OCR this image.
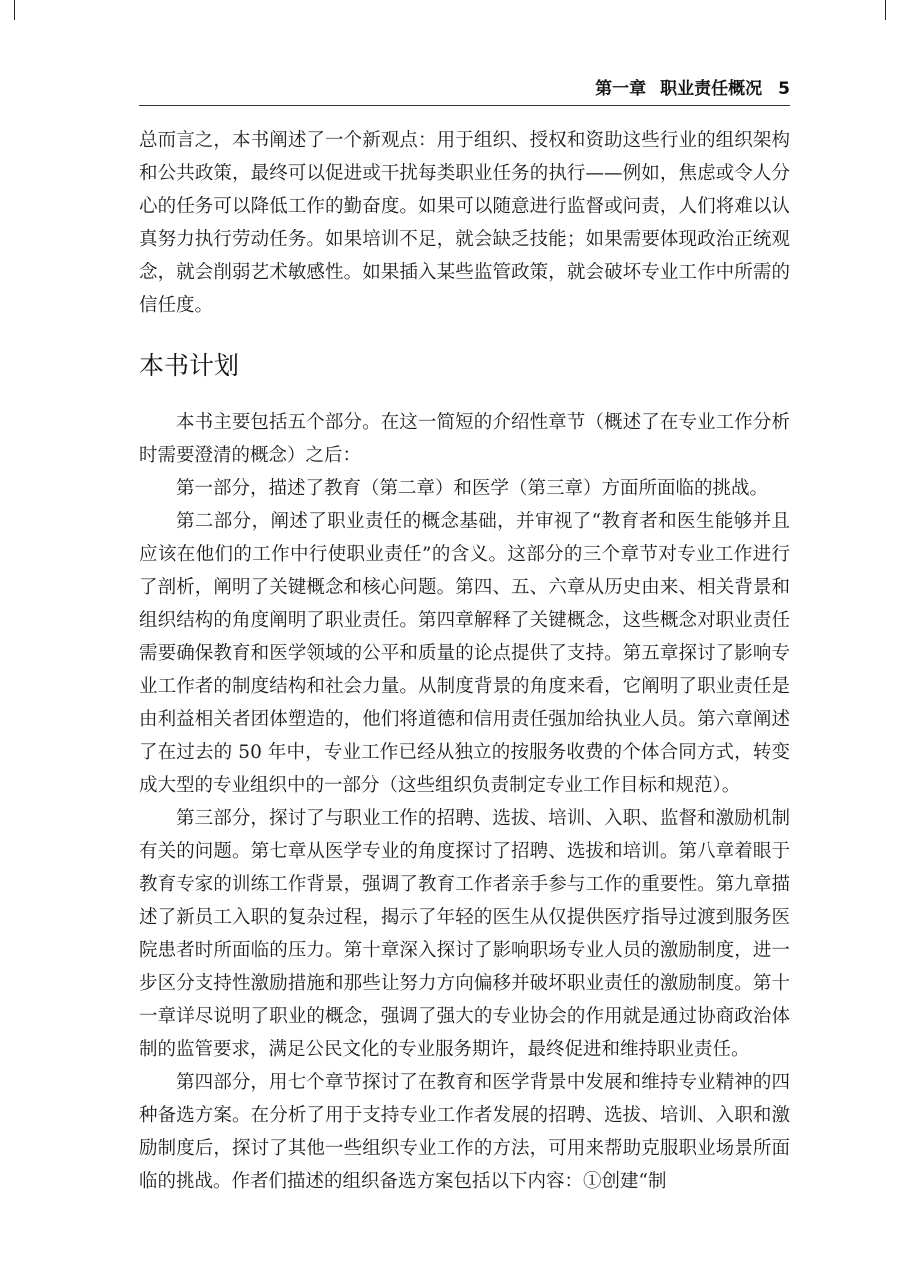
第一章 职业责任概况 5

总而言之，本书阐述了一个新观点：用于组织、授权和资助这些行业的组织架构和公共政策，最终可以促进或干扰每类职业任务的执行——例如，焦虑或令人分心的任务可以降低工作的勤奋度。如果可以随意进行监督或问责，人们将难以认真努力执行劳动任务。如果培训不足，就会缺乏技能；如果需要体现政治正统观念，就会削弱艺术敏感性。如果插入某些监管政策，就会破坏专业工作中所需的信任度。

本书计划

本书主要包括五个部分。在这一简短的介绍性章节（概述了在专业工作分析时需要澄清的概念）之后：

第一部分，描述了教育（第二章）和医学（第三章）方面所面临的挑战。

第二部分，阐述了职业责任的概念基础，并审视了“教育者和医生能够并且应该在他们的工作中行使职业责任”的含义。这部分的三个章节对专业工作进行了剖析，阐明了关键概念和核心问题。第四、五、六章从历史由来、相关背景和组织结构的角度阐明了职业责任。第四章解释了关键概念，这些概念对职业责任需要确保教育和医学领域的公平和质量的论点提供了支持。第五章探讨了影响专业工作者的制度结构和社会力量。从制度背景的角度来看，它阐明了职业责任是由利益相关者团体塑造的，他们将道德和信用责任强加给执业人员。第六章阐述了在过去的 50 年中，专业工作已经从独立的按服务收费的个体合同方式，转变成大型的专业组织中的一部分（这些组织负责制定专业工作目标和规范）。

第三部分，探讨了与职业工作的招聘、选拔、培训、入职、监督和激励机制有关的问题。第七章从医学专业的角度探讨了招聘、选拔和培训。第八章着眼于教育专家的训练工作背景，强调了教育工作者亲手参与工作的重要性。第九章描述了新员工入职的复杂过程，揭示了年轻的医生从仅提供医疗指导过渡到服务医院患者时所面临的压力。第十章深入探讨了影响职场专业人员的激励制度，进一步区分支持性激励措施和那些让努力方向偏移并破坏职业责任的激励制度。第十一章详尽说明了职业的概念，强调了强大的专业协会的作用就是通过协商政治体制的监管要求，满足公民文化的专业服务期许，最终促进和维持职业责任。

第四部分，用七个章节探讨了在教育和医学背景中发展和维持专业精神的四种备选方案。在分析了用于支持专业工作者发展的招聘、选拔、培训、入职和激励制度后，探讨了其他一些组织专业工作的方法，可用来帮助克服职业场景所面临的挑战。作者们描述的组织备选方案包括以下内容：①创建“制
